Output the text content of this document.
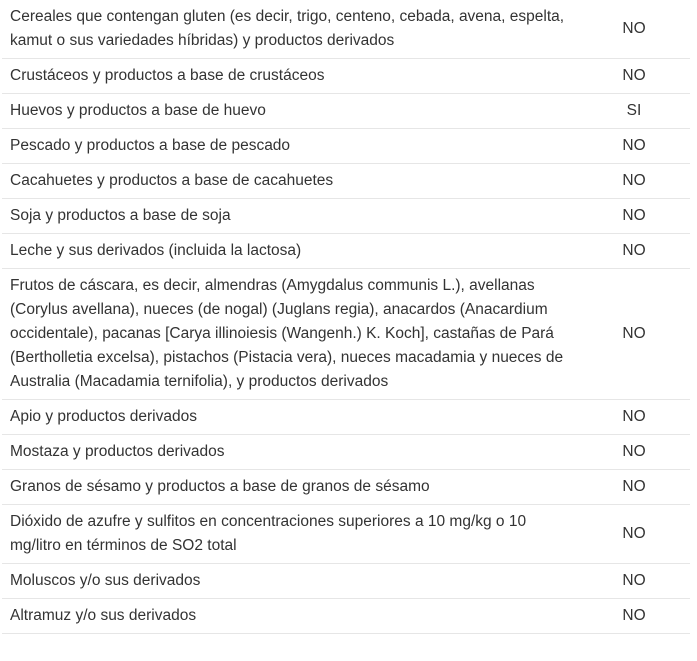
Cereales que contengan gluten (es decir, trigo, centeno, cebada, avena, espelta, kamut o sus variedades híbridas) y productos derivados	NO
Crustáceos y productos a base de crustáceos	NO
Huevos y productos a base de huevo	SI
Pescado y productos a base de pescado	NO
Cacahuetes y productos a base de cacahuetes	NO
Soja y productos a base de soja	NO
Leche y sus derivados (incluida la lactosa)	NO
Frutos de cáscara, es decir, almendras (Amygdalus communis L.), avellanas (Corylus avellana), nueces (de nogal) (Juglans regia), anacardos (Anacardium occidentale), pacanas [Carya illinoiesis (Wangenh.) K. Koch], castañas de Pará (Bertholletia excelsa), pistachos (Pistacia vera), nueces macadamia y nueces de Australia (Macadamia ternifolia), y productos derivados	NO
Apio y productos derivados	NO
Mostaza y productos derivados	NO
Granos de sésamo y productos a base de granos de sésamo	NO
Dióxido de azufre y sulfitos en concentraciones superiores a 10 mg/kg o 10 mg/litro en términos de SO2 total	NO
Moluscos y/o sus derivados	NO
Altramuz y/o sus derivados	NO
